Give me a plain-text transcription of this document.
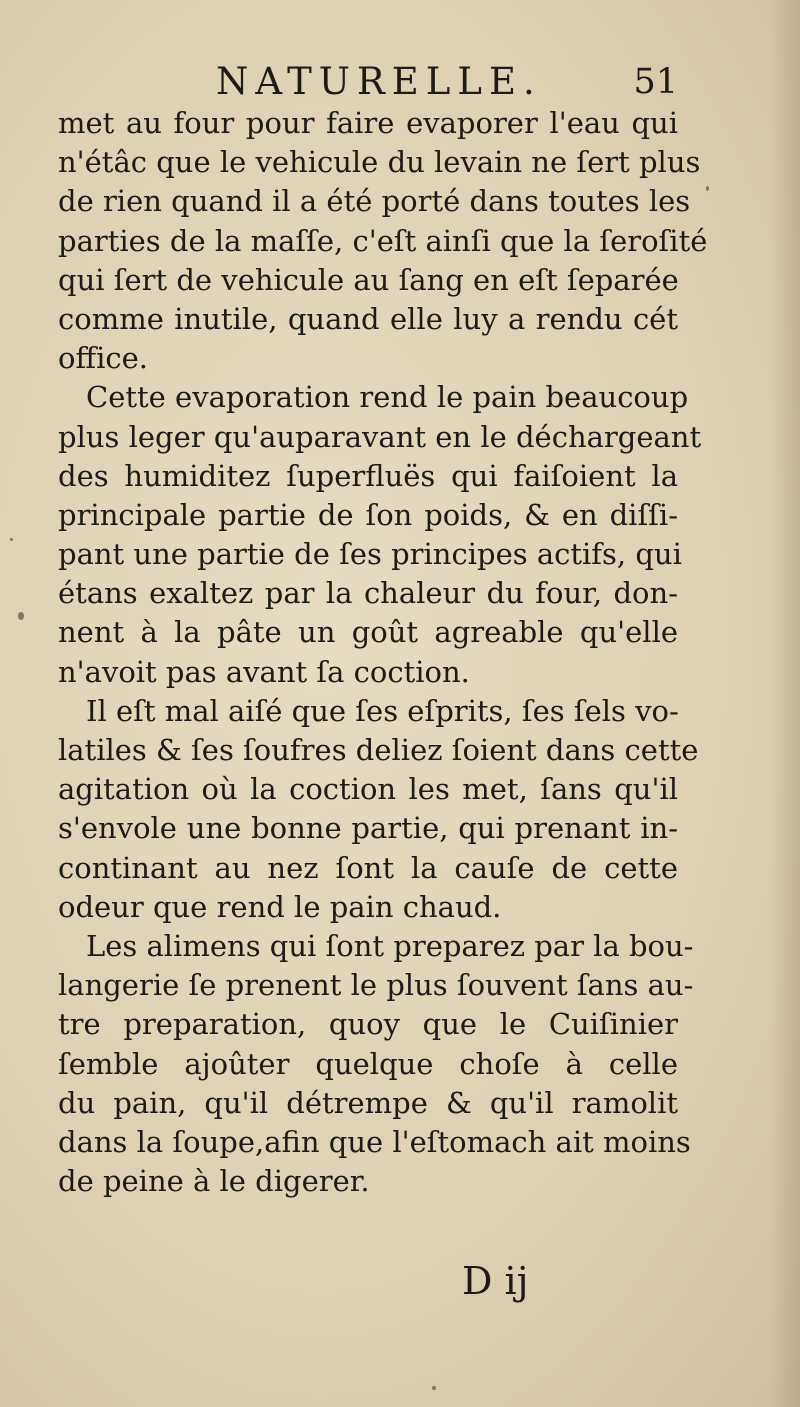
NATURELLE.	51
met au four pour faire evaporer l'eau qui
n'étâc que le vehicule du levain ne ſert plus
de rien quand il a été porté dans toutes les
parties de la maſſe, c'eſt ainſi que la ſeroſité
qui ſert de vehicule au ſang en eſt ſeparée
comme inutile, quand elle luy a rendu cét
office.
Cette evaporation rend le pain beaucoup
plus leger qu'auparavant en le déchargeant
des humiditez ſuperfluës qui faiſoient la
principale partie de ſon poids, & en diſſi-
pant une partie de ſes principes actifs, qui
étans exaltez par la chaleur du four, don-
nent à la pâte un goût agreable qu'elle
n'avoit pas avant ſa coction.
Il eſt mal aiſé que ſes eſprits, ſes ſels vo-
latiles & ſes ſoufres deliez ſoient dans cette
agitation où la coction les met, ſans qu'il
s'envole une bonne partie, qui prenant in-
continant au nez ſont la cauſe de cette
odeur que rend le pain chaud.
Les alimens qui ſont preparez par la bou-
langerie ſe prenent le plus ſouvent ſans au-
tre preparation, quoy que le Cuiſinier
ſemble ajoûter quelque choſe à celle
du pain, qu'il détrempe & qu'il ramolit
dans la ſoupe,afin que l'eſtomach ait moins
de peine à le digerer.
D ij
